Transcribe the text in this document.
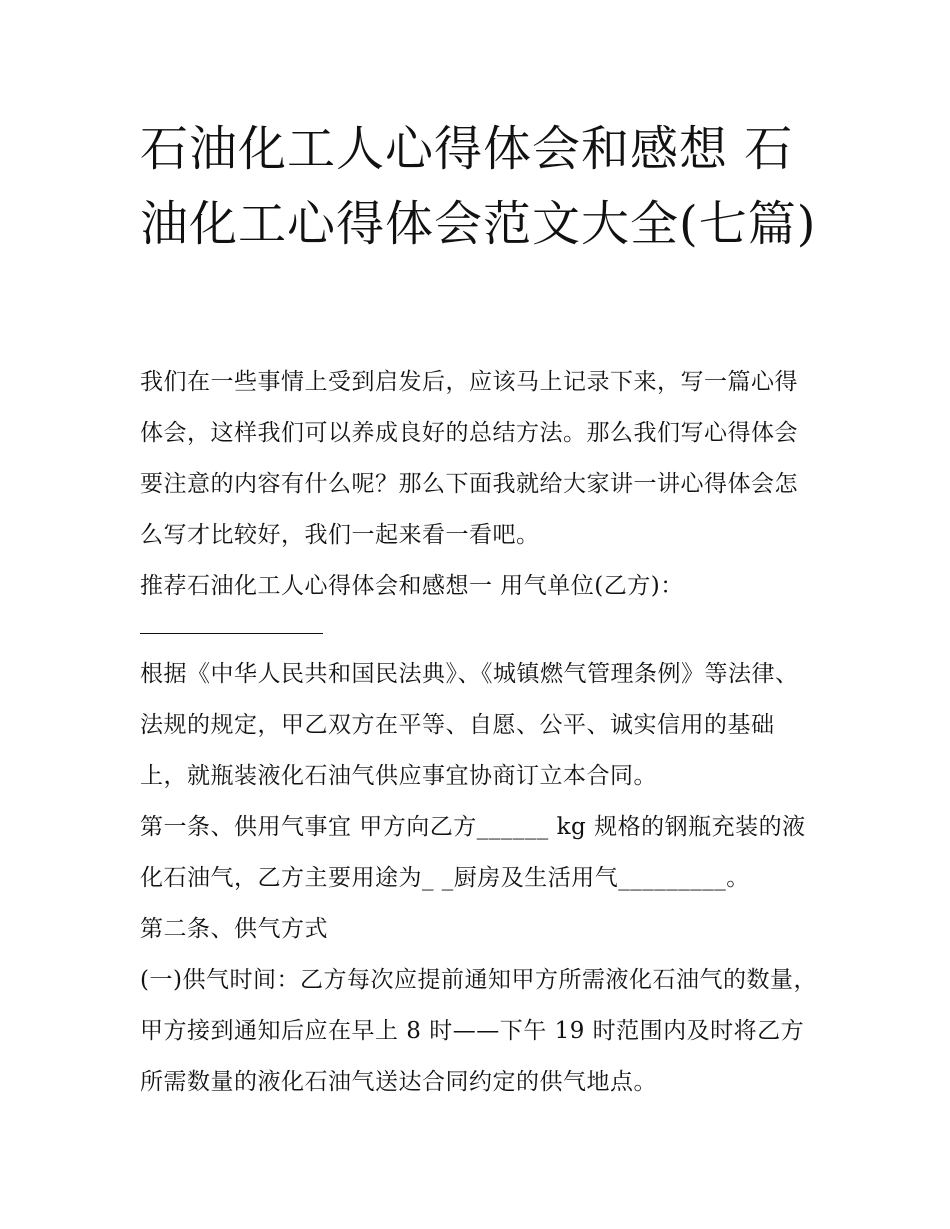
石油化工人心得体会和感想 石油化工心得体会范文大全(七篇)

我们在一些事情上受到启发后，应该马上记录下来，写一篇心得体会，这样我们可以养成良好的总结方法。那么我们写心得体会要注意的内容有什么呢？那么下面我就给大家讲一讲心得体会怎么写才比较好，我们一起来看一看吧。

推荐石油化工人心得体会和感想一 用气单位(乙方)：

根据《中华人民共和国民法典》、《城镇燃气管理条例》等法律、法规的规定，甲乙双方在平等、自愿、公平、诚实信用的基础上，就瓶装液化石油气供应事宜协商订立本合同。

第一条、供用气事宜 甲方向乙方______ kg 规格的钢瓶充装的液化石油气，乙方主要用途为_ _厨房及生活用气_________。

第二条、供气方式

(一)供气时间：乙方每次应提前通知甲方所需液化石油气的数量，甲方接到通知后应在早上 8 时——下午 19 时范围内及时将乙方所需数量的液化石油气送达合同约定的供气地点。
